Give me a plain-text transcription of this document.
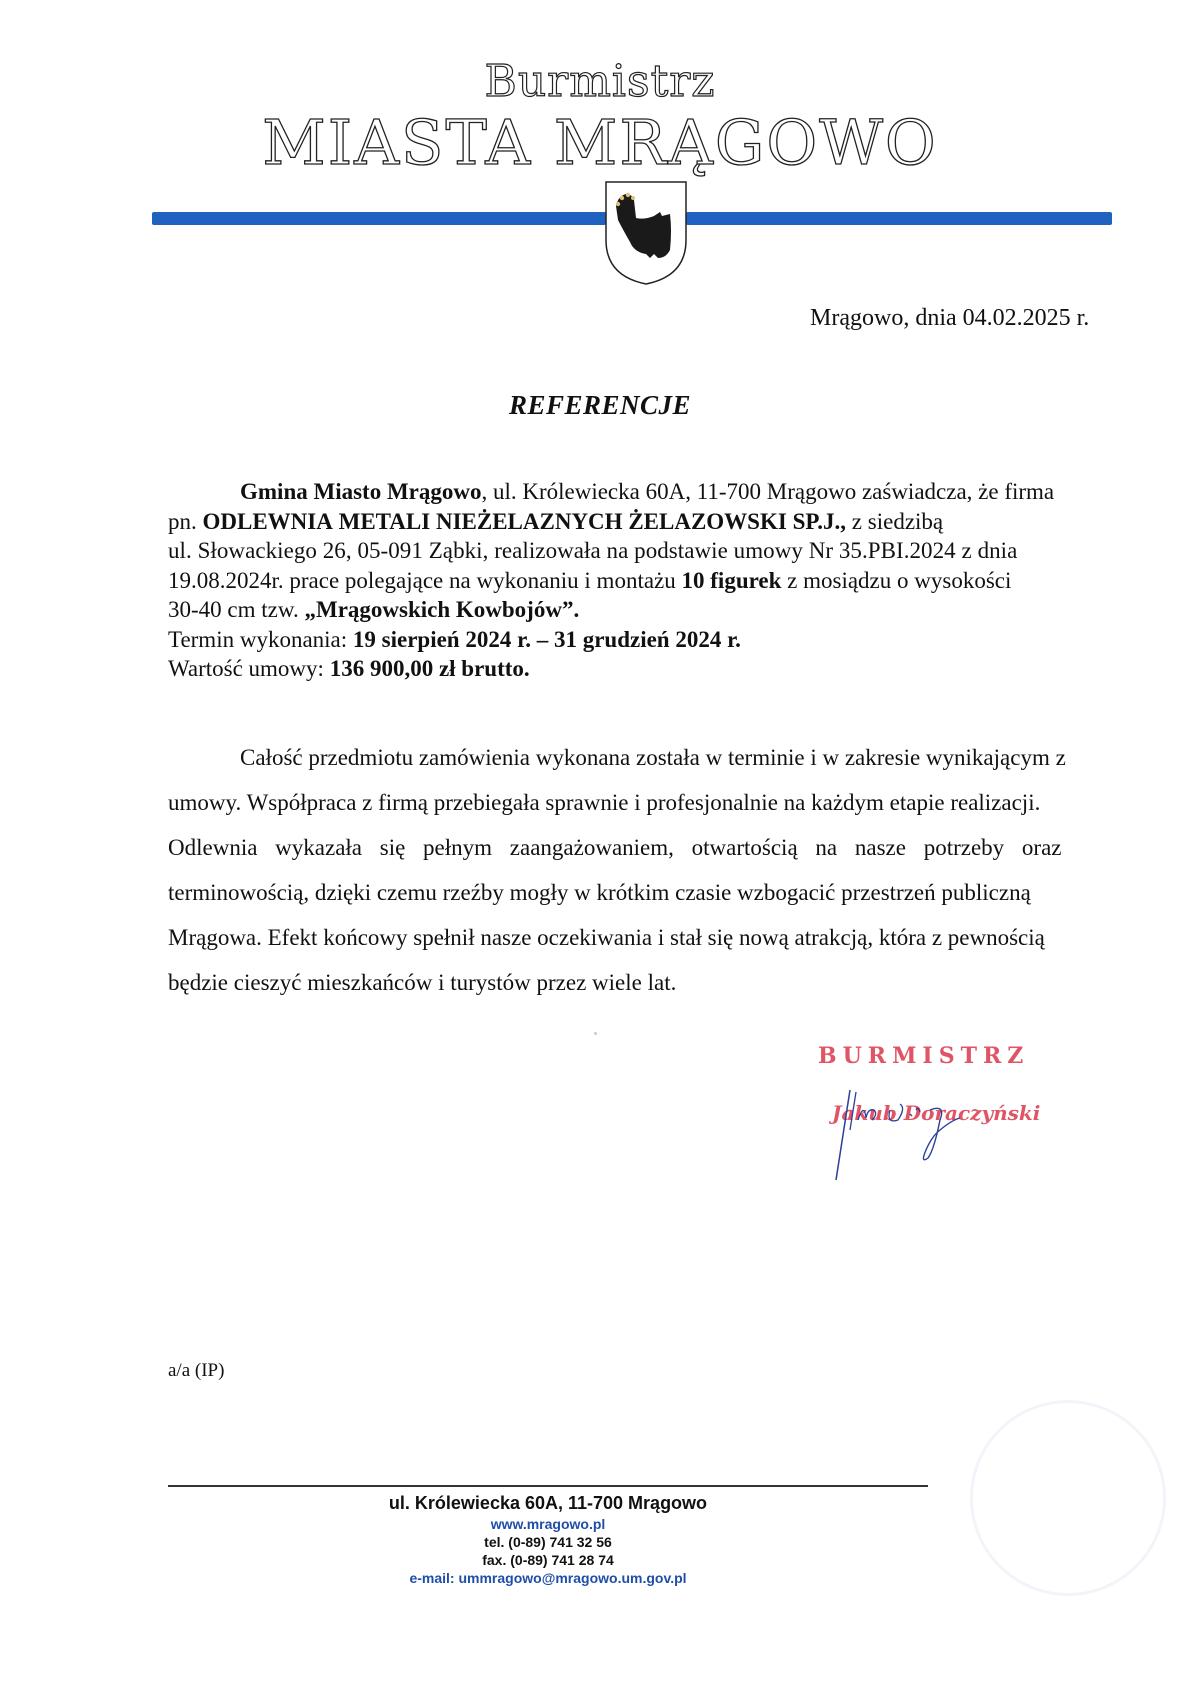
Burmistrz
MIASTA MRĄGOWO
Mrągowo, dnia 04.02.2025 r.
REFERENCJE
Gmina Miasto Mrągowo, ul. Królewiecka 60A, 11-700 Mrągowo zaświadcza, że firma
pn. ODLEWNIA METALI NIEŻELAZNYCH ŻELAZOWSKI SP.J., z siedzibą
ul. Słowackiego 26, 05-091 Ząbki, realizowała na podstawie umowy Nr 35.PBI.2024 z dnia
19.08.2024r. prace polegające na wykonaniu i montażu 10 figurek z mosiądzu o wysokości
30-40 cm tzw. „Mrągowskich Kowbojów”.
Termin wykonania: 19 sierpień 2024 r. – 31 grudzień 2024 r.
Wartość umowy: 136 900,00 zł brutto.
Całość przedmiotu zamówienia wykonana została w terminie i w zakresie wynikającym z
umowy. Współpraca z firmą przebiegała sprawnie i profesjonalnie na każdym etapie realizacji.
Odlewnia wykazała się pełnym zaangażowaniem, otwartością na nasze potrzeby oraz
terminowością, dzięki czemu rzeźby mogły w krótkim czasie wzbogacić przestrzeń publiczną
Mrągowa. Efekt końcowy spełnił nasze oczekiwania i stał się nową atrakcją, która z pewnością
będzie cieszyć mieszkańców i turystów przez wiele lat.
BURMISTRZ
Jakub Doraczyński
a/a (IP)
ul. Królewiecka 60A, 11-700 Mrągowo
www.mragowo.pl
tel. (0-89) 741 32 56
fax. (0-89) 741 28 74
e-mail: ummragowo@mragowo.um.gov.pl
